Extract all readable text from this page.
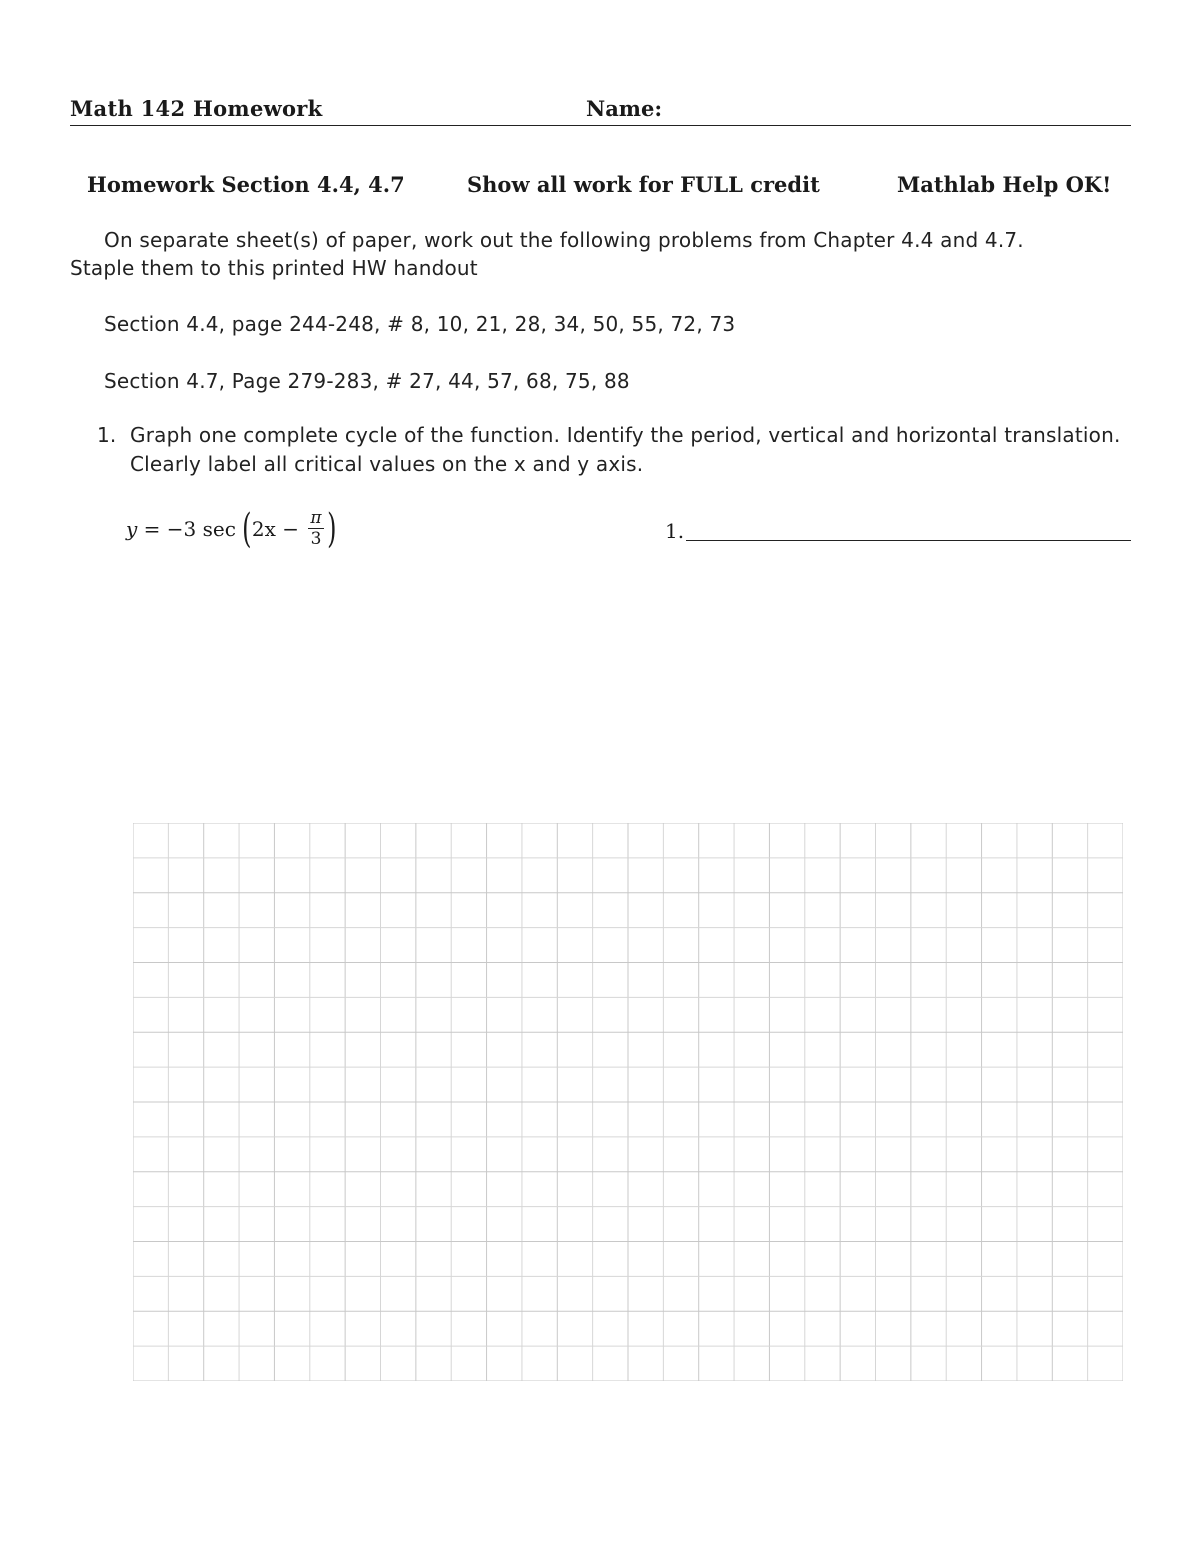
Math 142 Homework	Name:
Homework Section 4.4, 4.7	Show all work for FULL credit	Mathlab Help OK!
On separate sheet(s) of paper, work out the following problems from Chapter 4.4 and 4.7.
Staple them to this printed HW handout
Section 4.4, page 244-248, # 8, 10, 21, 28, 34, 50, 55, 72, 73
Section 4.7, Page 279-283, # 27, 44, 57, 68, 75, 88
1. Graph one complete cycle of the function. Identify the period, vertical and horizontal translation.
Clearly label all critical values on the x and y axis.
y = −3 $\sec (2x - \frac{\pi}{3}$ )	1.
